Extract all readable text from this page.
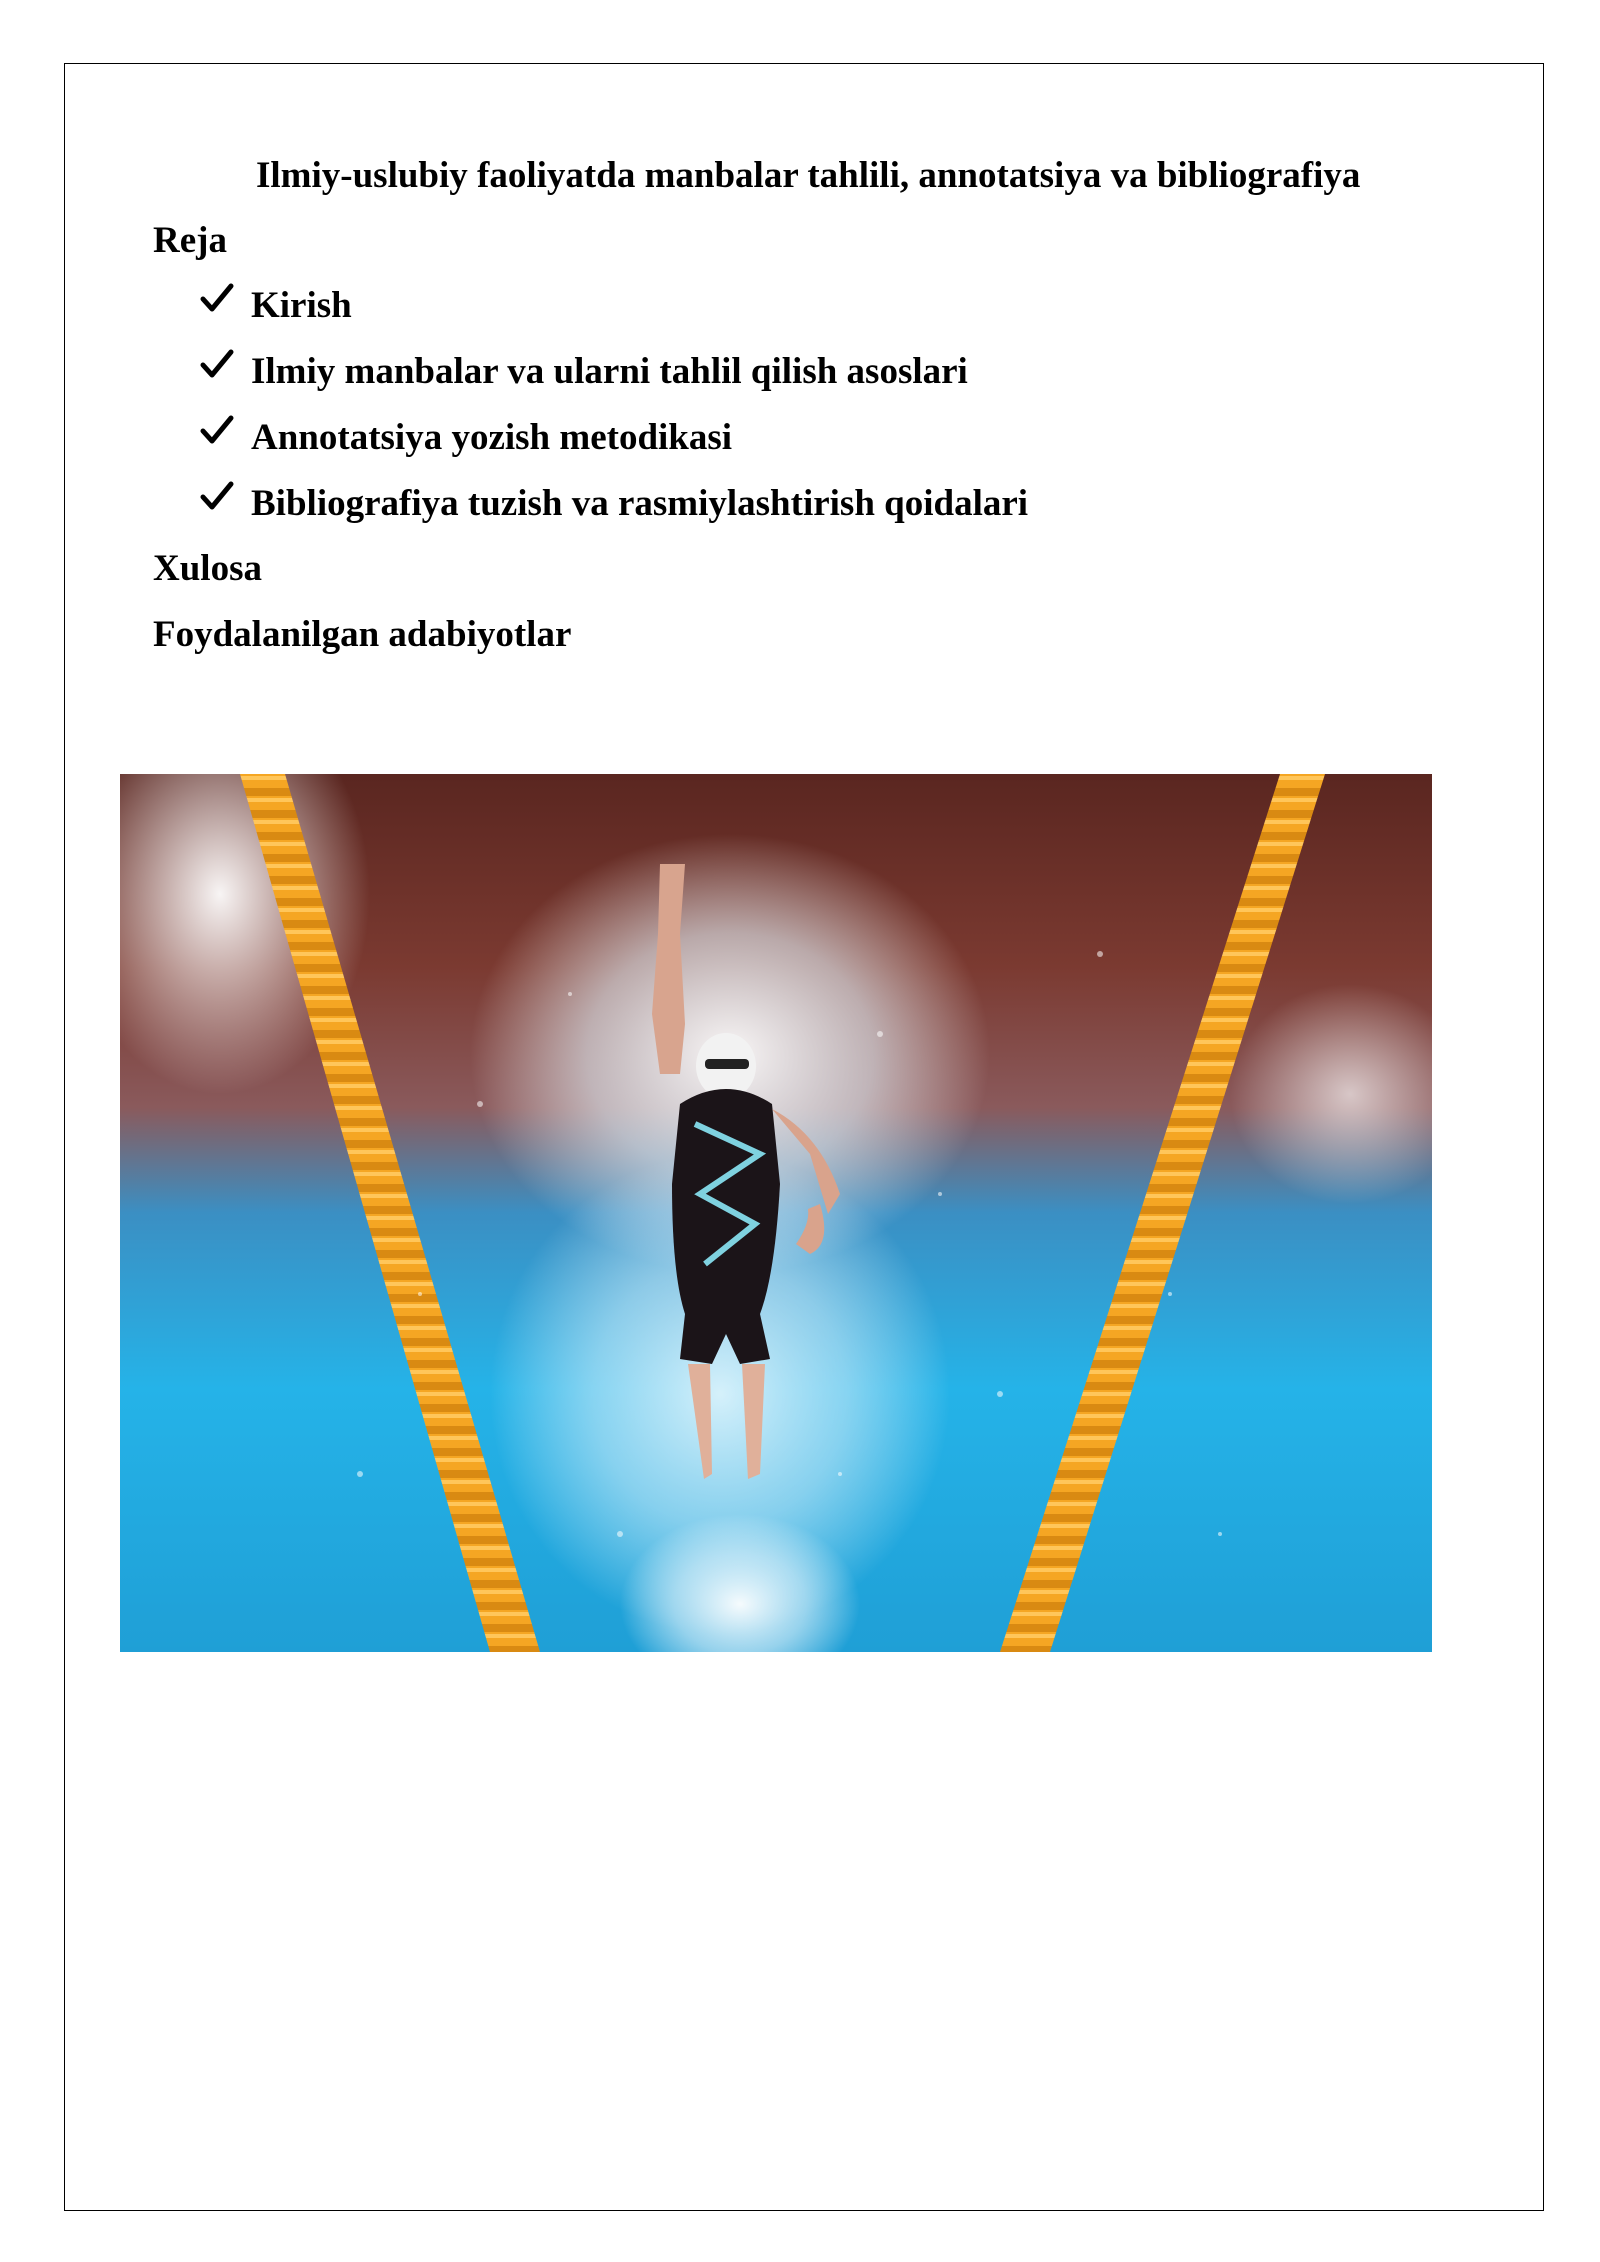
Ilmiy-uslubiy faoliyatda manbalar tahlili, annotatsiya va bibliografiya

Reja

Kirish
Ilmiy manbalar va ularni tahlil qilish asoslari
Annotatsiya yozish metodikasi
Bibliografiya tuzish va rasmiylashtirish qoidalari

Xulosa

Foydalanilgan adabiyotlar
